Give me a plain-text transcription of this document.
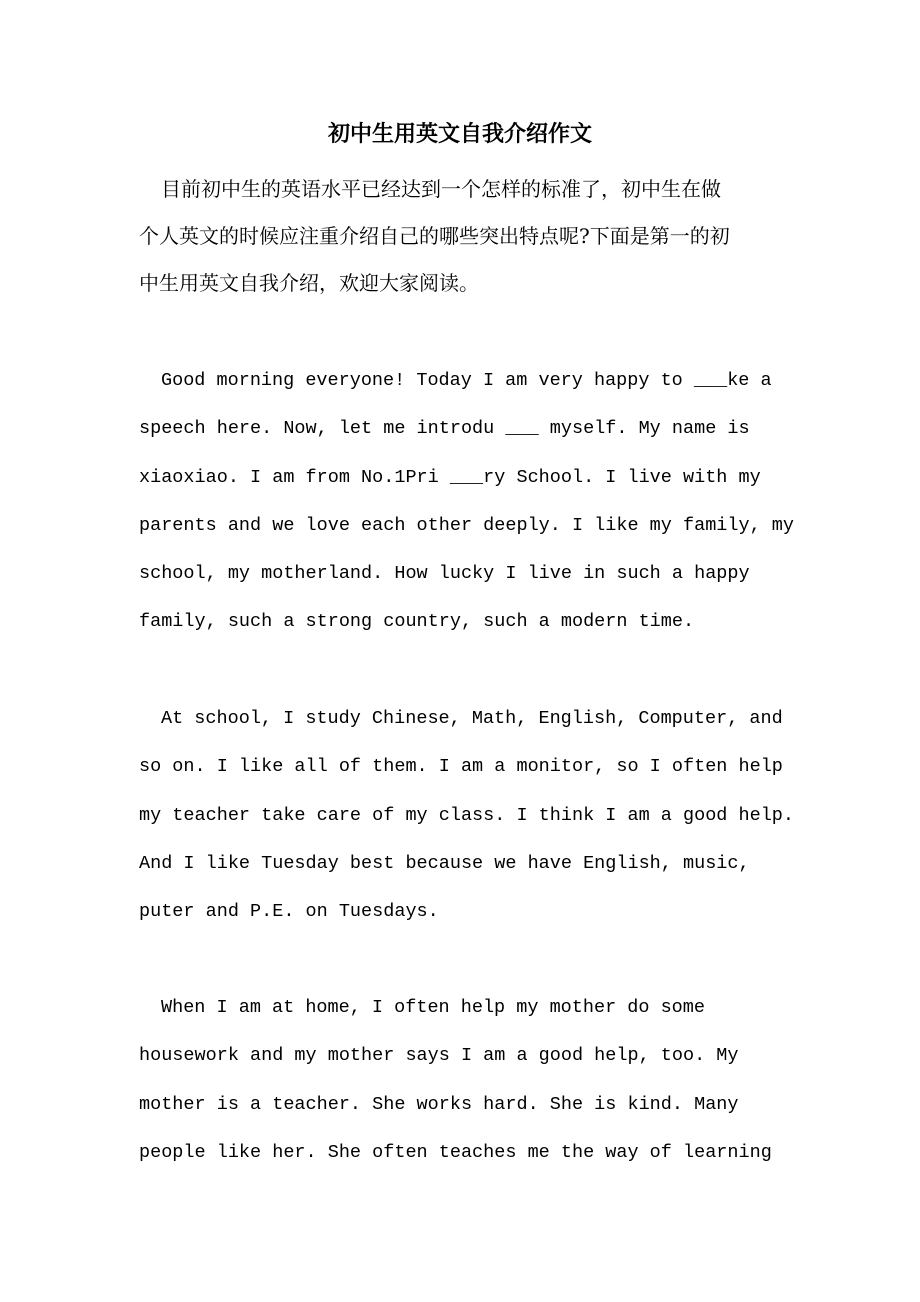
初中生用英文自我介绍作文
目前初中生的英语水平已经达到一个怎样的标准了，初中生在做
个人英文的时候应注重介绍自己的哪些突出特点呢?下面是第一的初
中生用英文自我介绍，欢迎大家阅读。
Good morning everyone! Today I am very happy to ___ke a
speech here. Now, let me introdu ___ myself. My name is
xiaoxiao. I am from No.1Pri ___ry School. I live with my
parents and we love each other deeply. I like my family, my
school, my motherland. How lucky I live in such a happy
family, such a strong country, such a modern time.
At school, I study Chinese, Math, English, Computer, and
so on. I like all of them. I am a monitor, so I often help
my teacher take care of my class. I think I am a good help.
And I like Tuesday best because we have English, music,
puter and P.E. on Tuesdays.
When I am at home, I often help my mother do some
housework and my mother says I am a good help, too. My
mother is a teacher. She works hard. She is kind. Many
people like her. She often teaches me the way of learning
